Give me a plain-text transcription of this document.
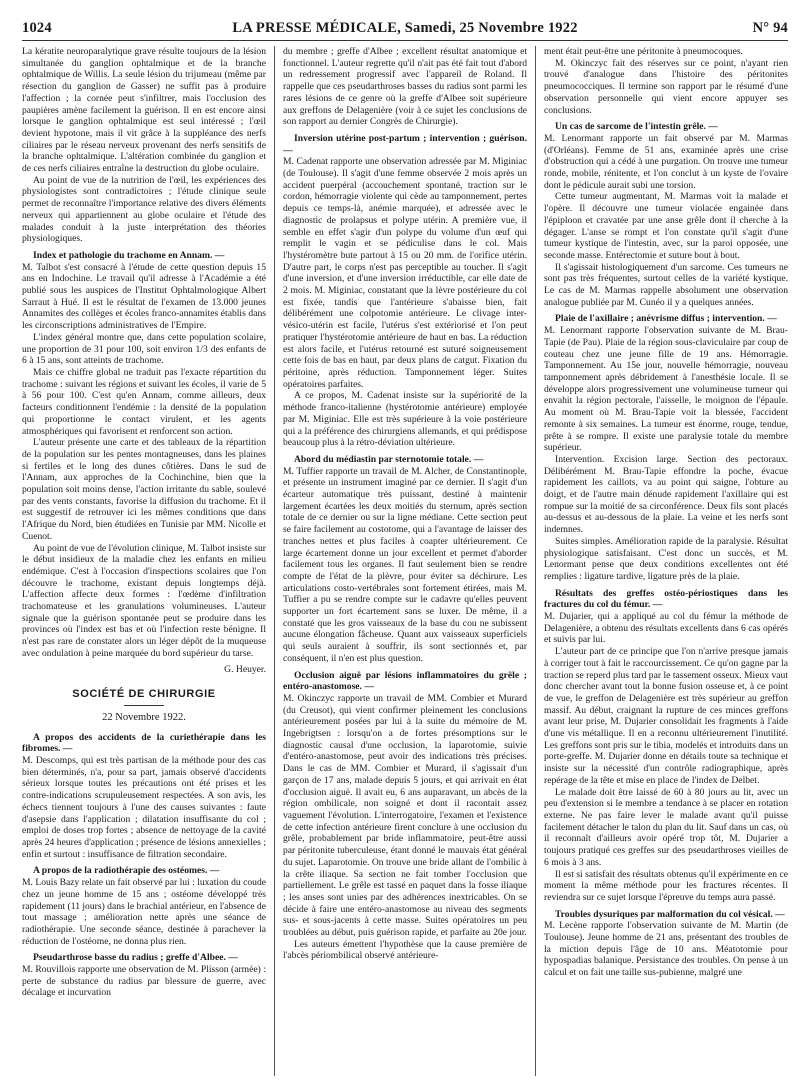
1024	LA PRESSE MÉDICALE, Samedi, 25 Novembre 1922	N° 94

La kératite neuroparalytique grave résulte toujours de la lésion simultanée du ganglion ophtalmique et de la branche ophtalmique de Willis. La seule lésion du trijumeau (même par résection du ganglion de Gasser) ne suffit pas à produire l'affection ; la cornée peut s'infiltrer, mais l'occlusion des paupières amène facilement la guérison. Il en est encore ainsi lorsque le ganglion ophtalmique est seul intéressé ; l'œil devient hypotone, mais il vit grâce à la suppléance des nerfs ciliaires par le réseau nerveux provenant des nerfs sensitifs de la branche ophtalmique. L'altération combinée du ganglion et de ces nerfs ciliaires entraîne la destruction du globe oculaire.

Au point de vue de la nutrition de l'œil, les expériences des physiologistes sont contradictoires ; l'étude clinique seule permet de reconnaître l'importance relative des divers éléments nerveux qui appartiennent au globe oculaire et l'étude des malades conduit à la juste interprétation des théories physiologiques.

Index et pathologie du trachome en Annam. —

M. Talbot s'est consacré à l'étude de cette question depuis 15 ans en Indochine. Le travail qu'il adresse à l'Académie a été publié sous les auspices de l'Institut Ophtalmologique Albert Sarraut à Hué. Il est le résultat de l'examen de 13.000 jeunes Annamites des collèges et écoles franco-annamites établis dans les circonscriptions administratives de l'Empire.

L'index général montre que, dans cette population scolaire, une proportion de 31 pour 100, soit environ 1/3 des enfants de 6 à 15 ans, sont atteints de trachome.

Mais ce chiffre global ne traduit pas l'exacte répartition du trachome : suivant les régions et suivant les écoles, il varie de 5 à 56 pour 100. C'est qu'en Annam, comme ailleurs, deux facteurs conditionnent l'endémie : la densité de la population qui proportionne le contact virulent, et les agents atmosphériques qui favorisent et renforcent son action.

L'auteur présente une carte et des tableaux de la répartition de la population sur les pentes montagneuses, dans les plaines si fertiles et le long des dunes côtières. Dans le sud de l'Annam, aux approches de la Cochinchine, bien que la population soit moins dense, l'action irritante du sable, soulevé par des vents constants, favorise la diffusion du trachome. Et il est suggestif de retrouver ici les mêmes conditions que dans l'Afrique du Nord, bien étudiées en Tunisie par MM. Nicolle et Cuenot.

Au point de vue de l'évolution clinique, M. Talbot insiste sur le début insidieux de la maladie chez les enfants en milieu endémique. C'est à l'occasion d'inspections scolaires que l'on découvre le trachome, existant depuis longtemps déjà. L'affection affecte deux formes : l'œdème d'infiltration trachomateuse et les granulations volumineuses. L'auteur signale que la guérison spontanée peut se produire dans les provinces où l'index est bas et où l'infection reste bénigne. Il n'est pas rare de constater alors un léger dépôt de la muqueuse avec ondulation à peine marquée du bord supérieur du tarse.

G. Heuyer.

SOCIÉTÉ DE CHIRURGIE

22 Novembre 1922.

A propos des accidents de la curiethérapie dans les fibromes. —

M. Descomps, qui est très partisan de la méthode pour des cas bien déterminés, n'a, pour sa part, jamais observé d'accidents sérieux lorsque toutes les précautions ont été prises et les contre-indications scrupuleusement respectées. A son avis, les échecs tiennent toujours à l'une des causes suivantes : faute d'asepsie dans l'application ; dilatation insuffisante du col ; emploi de doses trop fortes ; absence de nettoyage de la cavité après 24 heures d'application ; présence de lésions annexielles ; enfin et surtout : insuffisance de filtration secondaire.

A propos de la radiothérapie des ostéomes. —

M. Louis Bazy relate un fait observé par lui : luxation du coude chez un jeune homme de 15 ans ; ostéome développé très rapidement (11 jours) dans le brachial antérieur, en l'absence de tout massage ; amélioration nette après une séance de radiothérapie. Une seconde séance, destinée à parachever la réduction de l'ostéome, ne donna plus rien.

Pseudarthrose basse du radius ; greffe d'Albee. —

M. Rouvillois rapporte une observation de M. Plisson (armée) : perte de substance du radius par blessure de guerre, avec décalage et incurvation

du membre ; greffe d'Albee ; excellent résultat anatomique et fonctionnel. L'auteur regrette qu'il n'ait pas été fait tout d'abord un redressement progressif avec l'appareil de Roland. Il rappelle que ces pseudarthroses basses du radius sont parmi les rares lésions de ce genre où la greffe d'Albee soit supérieure aux greffons de Delagenière (voir à ce sujet les conclusions de son rapport au dernier Congrès de Chirurgie).

Inversion utérine post-partum ; intervention ; guérison. —

M. Cadenat rapporte une observation adressée par M. Miginiac (de Toulouse). Il s'agit d'une femme observée 2 mois après un accident puerpéral (accouchement spontané, traction sur le cordon, hémorragie violente qui cède au tamponnement, pertes depuis ce temps-là, anémie marquée), et adressée avec le diagnostic de prolapsus et polype utérin. A première vue, il semble en effet s'agir d'un polype du volume d'un œuf qui remplit le vagin et se pédiculise dans le col. Mais l'hystéromètre bute partout à 15 ou 20 mm. de l'orifice utérin. D'autre part, le corps n'est pas perceptible au toucher. Il s'agit d'une inversion, et d'une inversion irréductible, car elle date de 2 mois. M. Miginiac, constatant que la lèvre postérieure du col est fixée, tandis que l'antérieure s'abaisse bien, fait délibérément une colpotomie antérieure. Le clivage inter-vésico-utérin est facile, l'utérus s'est extériorisé et l'on peut pratiquer l'hystérotomie antérieure de haut en bas. La réduction est alors facile, et l'utérus retourné est suturé soigneusement cette fois de bas en haut, par deux plans de catgut. Fixation du péritoine, après réduction. Tamponnement léger. Suites opératoires parfaites.

A ce propos, M. Cadenat insiste sur la supériorité de la méthode franco-italienne (hystérotomie antérieure) employée par M. Miginiac. Elle est très supérieure à la voie postérieure qui a la préférence des chirurgiens allemands, et qui prédispose beaucoup plus à la rétro-déviation ultérieure.

Abord du médiastin par sternotomie totale. —

M. Tuffier rapporte un travail de M. Alcher, de Constantinople, et présente un instrument imaginé par ce dernier. Il s'agit d'un écarteur automatique très puissant, destiné à maintenir largement écartées les deux moitiés du sternum, après section totale de ce dernier ou sur la ligne médiane. Cette section peut se faire facilement au costotome, qui a l'avantage de laisser des tranches nettes et plus faciles à coapter ultérieurement. Ce large écartement donne un jour excellent et permet d'aborder facilement tous les organes. Il faut seulement bien se rendre compte de l'état de la plèvre, pour éviter sa déchirure. Les articulations costo-vertébrales sont fortement étirées, mais M. Tuffier a pu se rendre compte sur le cadavre qu'elles peuvent supporter un fort écartement sans se luxer. De même, il a constaté que les gros vaisseaux de la base du cou ne subissent aucune élongation fâcheuse. Quant aux vaisseaux superficiels qui seuls auraient à souffrir, ils sont sectionnés et, par conséquent, il n'en est plus question.

Occlusion aiguë par lésions inflammatoires du grêle ; entéro-anastomose. —

M. Okinczyc rapporte un travail de MM. Combier et Murard (du Creusot), qui vient confirmer pleinement les conclusions antérieurement posées par lui à la suite du mémoire de M. Ingebrigtsen : lorsqu'on a de fortes présomptions sur le diagnostic causal d'une occlusion, la laparotomie, suivie d'entéro-anastomose, peut avoir des indications très précises. Dans le cas de MM. Combier et Murard, il s'agissait d'un garçon de 17 ans, malade depuis 5 jours, et qui arrivait en état d'occlusion aiguë. Il avait eu, 6 ans auparavant, un abcès de la région ombilicale, non soigné et dont il racontait assez vaguement l'évolution. L'interrogatoire, l'examen et l'existence de cette infection antérieure firent conclure à une occlusion du grêle, probablement par bride inflammatoire, peut-être aussi par péritonite tuberculeuse, étant donné le mauvais état général du sujet. Laparotomie. On trouve une bride allant de l'ombilic à la crête iliaque. Sa section ne fait tomber l'occlusion que partiellement. Le grêle est tassé en paquet dans la fosse iliaque ; les anses sont unies par des adhérences inextricables. On se décide à faire une entéro-anastomose au niveau des segments sus- et sous-jacents à cette masse. Suites opératoires un peu troublées au début, puis guérison rapide, et parfaite au 20e jour.

Les auteurs émettent l'hypothèse que la cause première de l'abcès périombilical observé antérieure-

ment était peut-être une péritonite à pneumocoques.

M. Okinczyc fait des réserves sur ce point, n'ayant rien trouvé d'analogue dans l'histoire des péritonites pneumococciques. Il termine son rapport par le résumé d'une observation personnelle qui vient encore appuyer ses conclusions.

Un cas de sarcome de l'intestin grêle. —

M. Lenormant rapporte un fait observé par M. Marmas (d'Orléans). Femme de 51 ans, examinée après une crise d'obstruction qui a cédé à une purgation. On trouve une tumeur ronde, mobile, rénitente, et l'on conclut à un kyste de l'ovaire dont le pédicule aurait subi une torsion.

Cette tumeur augmentant, M. Marmas voit la malade et l'opère. Il découvre une tumeur violacée engainée dans l'épiploon et cravatée par une anse grêle dont il cherche à la dégager. L'anse se rompt et l'on constate qu'il s'agit d'une tumeur kystique de l'intestin, avec, sur la paroi opposée, une seconde masse. Entérectomie et suture bout à bout.

Il s'agissait histologiquement d'un sarcome. Ces tumeurs ne sont pas très fréquentes, surtout celles de la variété kystique. Le cas de M. Marmas rappelle absolument une observation analogue publiée par M. Cunéo il y a quelques années.

Plaie de l'axillaire ; anévrisme diffus ; intervention. —

M. Lenormant rapporte l'observation suivante de M. Brau-Tapie (de Pau). Plaie de la région sous-claviculaire par coup de couteau chez une jeune fille de 19 ans. Hémorragie. Tamponnement. Au 15e jour, nouvelle hémorragie, nouveau tamponnement après débridement à l'anesthésie locale. Il se développe alors progressivement une volumineuse tumeur qui envahit la région pectorale, l'aisselle, le moignon de l'épaule. Au moment où M. Brau-Tapie voit la blessée, l'accident remonte à six semaines. La tumeur est énorme, rouge, tendue, prête à se rompre. Il existe une paralysie totale du membre supérieur.

Intervention. Excision large. Section des pectoraux. Délibérément M. Brau-Tapie effondre la poche, évacue rapidement les caillots, va au point qui saigne, l'obture au doigt, et de l'autre main dénude rapidement l'axillaire qui est rompue sur la moitié de sa circonférence. Deux fils sont placés au-dessus et au-dessous de la plaie. La veine et les nerfs sont indemnes.

Suites simples. Amélioration rapide de la paralysie. Résultat physiologique satisfaisant. C'est donc un succès, et M. Lenormant pense que deux conditions excellentes ont été remplies : ligature tardive, ligature près de la plaie.

Résultats des greffes ostéo-périostiques dans les fractures du col du fémur. —

M. Dujarier, qui a appliqué au col du fémur la méthode de Delagenière, a obtenu des résultats excellents dans 6 cas opérés et suivis par lui.

L'auteur part de ce principe que l'on n'arrive presque jamais à corriger tout à fait le raccourcissement. Ce qu'on gagne par la traction se reperd plus tard par le tassement osseux. Mieux vaut donc chercher avant tout la bonne fusion osseuse et, à ce point de vue, le greffon de Delagenière est très supérieur au greffon massif. Au début, craignant la rupture de ces minces greffons avant leur prise, M. Dujarier consolidait les fragments à l'aide d'une vis métallique. Il en a reconnu ultérieurement l'inutilité. Les greffons sont pris sur le tibia, modelés et introduits dans un porte-greffe. M. Dujarier donne en détails toute sa technique et insiste sur la nécessité d'un contrôle radiographique, après repérage de la tête et mise en place de l'index de Delbet.

Le malade doit être laissé de 60 à 80 jours au lit, avec un peu d'extension si le membre a tendance à se placer en rotation externe. Ne pas faire lever le malade avant qu'il puisse facilement détacher le talon du plan du lit. Sauf dans un cas, où il reconnaît d'ailleurs avoir opéré trop tôt, M. Dujarier a toujours pratiqué ces greffes sur des pseudarthroses vieilles de 6 mois à 3 ans.

Il est si satisfait des résultats obtenus qu'il expérimente en ce moment la même méthode pour les fractures récentes. Il reviendra sur ce sujet lorsque l'épreuve du temps aura passé.

Troubles dysuriques par malformation du col vésical. —

M. Lecène rapporte l'observation suivante de M. Martin (de Toulouse). Jeune homme de 21 ans, présentant des troubles de la miction depuis l'âge de 10 ans. Méatotomie pour hypospadias balanique. Persistance des troubles. On pense à un calcul et on fait une taille sus-pubienne, malgré une
